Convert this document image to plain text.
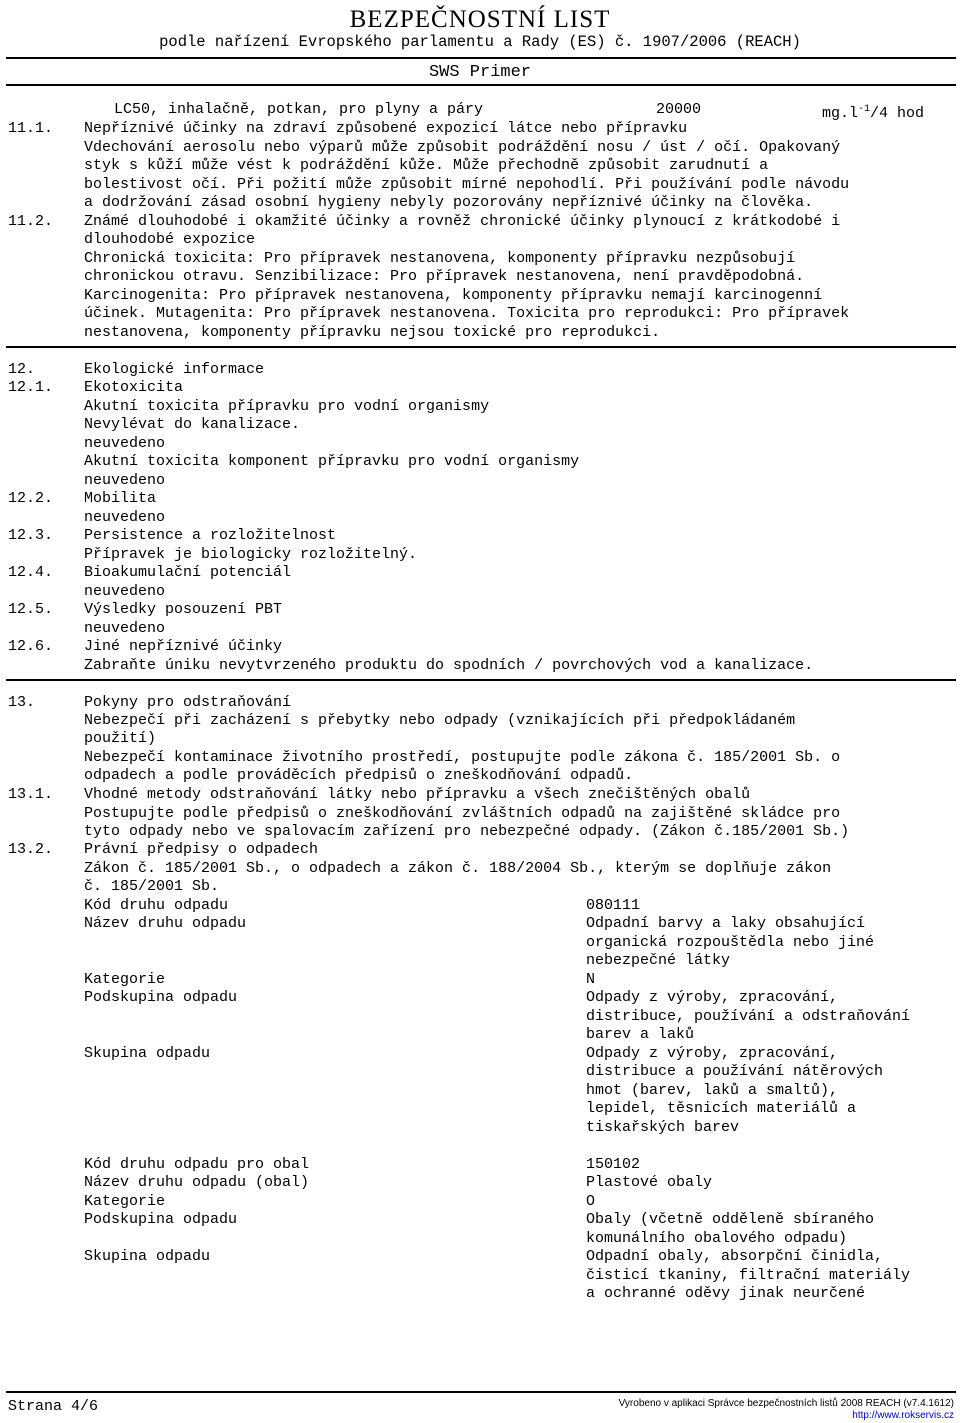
BEZPEČNOSTNÍ LIST
podle nařízení Evropského parlamentu a Rady (ES) č. 1907/2006 (REACH)
SWS Primer
LC50, inhalačně, potkan, pro plyny a páry	20000	$mg.l^{-1}/4$ hod
11.1. Nepříznivé účinky na zdraví způsobené expozicí látce nebo přípravku
Vdechování aerosolu nebo výparů může způsobit podráždění nosu / úst / očí. Opakovaný
styk s kůží může vést k podráždění kůže. Může přechodně způsobit zarudnutí a
bolestivost očí. Při požití může způsobit mírné nepohodlí. Při používání podle návodu
a dodržování zásad osobní hygieny nebyly pozorovány nepříznivé účinky na člověka.
11.2. Známé dlouhodobé i okamžité účinky a rovněž chronické účinky plynoucí z krátkodobé i
dlouhodobé expozice
Chronická toxicita: Pro přípravek nestanovena, komponenty přípravku nezpůsobují
chronickou otravu. Senzibilizace: Pro přípravek nestanovena, není pravděpodobná.
Karcinogenita: Pro přípravek nestanovena, komponenty přípravku nemají karcinogenní
účinek. Mutagenita: Pro přípravek nestanovena. Toxicita pro reprodukci: Pro přípravek
nestanovena, komponenty přípravku nejsou toxické pro reprodukci.
12.	Ekologické informace
12.1. Ekotoxicita
Akutní toxicita přípravku pro vodní organismy
Nevylévat do kanalizace.
neuvedeno
Akutní toxicita komponent přípravku pro vodní organismy
neuvedeno
12.2. Mobilita
neuvedeno
12.3. Persistence a rozložitelnost
Přípravek je biologicky rozložitelný.
12.4. Bioakumulační potenciál
neuvedeno
12.5. Výsledky posouzení PBT
neuvedeno
12.6. Jiné nepříznivé účinky
Zabraňte úniku nevytvrzeného produktu do spodních / povrchových vod a kanalizace.
13.	Pokyny pro odstraňování
Nebezpečí při zacházení s přebytky nebo odpady (vznikajících při předpokládaném
použití)
Nebezpečí kontaminace životního prostředí, postupujte podle zákona č. 185/2001 Sb. o
odpadech a podle prováděcích předpisů o zneškodňování odpadů.
13.1. Vhodné metody odstraňování látky nebo přípravku a všech znečištěných obalů
Postupujte podle předpisů o zneškodňování zvláštních odpadů na zajištěné skládce pro
tyto odpady nebo ve spalovacím zařízení pro nebezpečné odpady. (Zákon č.185/2001 Sb.)
13.2. Právní předpisy o odpadech
Zákon č. 185/2001 Sb., o odpadech a zákon č. 188/2004 Sb., kterým se doplňuje zákon
č. 185/2001 Sb.
Kód druhu odpadu	080111
Název druhu odpadu	Odpadní barvy a laky obsahující
organická rozpouštědla nebo jiné
nebezpečné látky
Kategorie	N
Podskupina odpadu	Odpady z výroby, zpracování,
distribuce, používání a odstraňování
barev a laků
Skupina odpadu	Odpady z výroby, zpracování,
distribuce a používání nátěrových
hmot (barev, laků a smaltů),
lepidel, těsnicích materiálů a
tiskařských barev
Kód druhu odpadu pro obal	150102
Název druhu odpadu (obal)	Plastové obaly
Kategorie	O
Podskupina odpadu	Obaly (včetně odděleně sbíraného
komunálního obalového odpadu)
Skupina odpadu	Odpadní obaly, absorpční činidla,
čisticí tkaniny, filtrační materiály
a ochranné oděvy jinak neurčené
Strana 4/6	Vyrobeno v aplikaci Správce bezpečnostních listů 2008 REACH (v7.4.1612)
http://www.rokservis.cz
